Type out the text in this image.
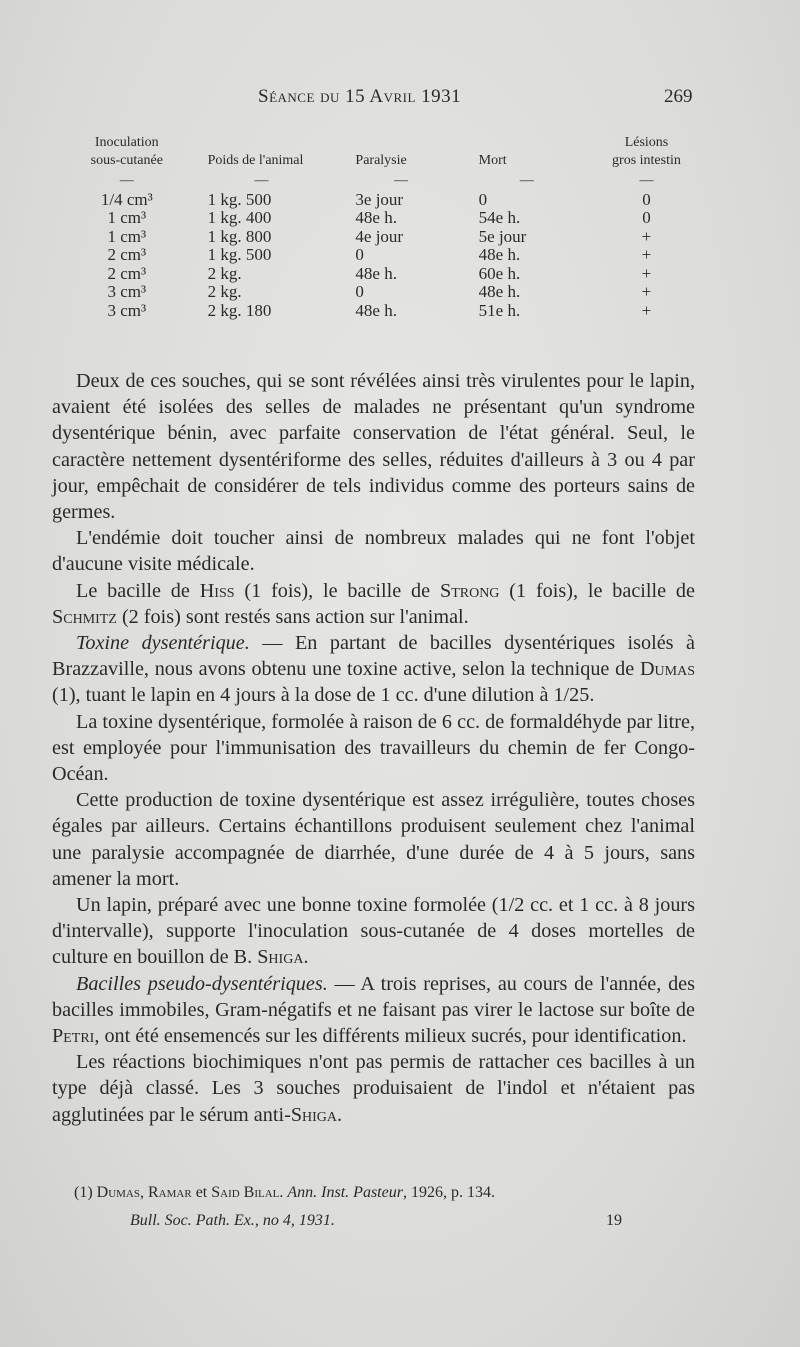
Séance du 15 Avril 1931	269
Inoculation
sous-cutanée	Poids de l'animal	Paralysie	Mort	Lésions
gros intestin
—	—	—	—	—
1/4 cm³	1 kg. 500	3e jour	0	0
1 cm³	1 kg. 400	48e h.	54e h.	0
1 cm³	1 kg. 800	4e jour	5e jour	+
2 cm³	1 kg. 500	0	48e h.	+
2 cm³	2 kg.	48e h.	60e h.	+
3 cm³	2 kg.	0	48e h.	+
3 cm³	2 kg. 180	48e h.	51e h.	+

Deux de ces souches, qui se sont révélées ainsi très virulentes pour le lapin, avaient été isolées des selles de malades ne présentant qu'un syndrome dysentérique bénin, avec parfaite conservation de l'état général. Seul, le caractère nettement dysentériforme des selles, réduites d'ailleurs à 3 ou 4 par jour, empêchait de considérer de tels individus comme des porteurs sains de germes.

L'endémie doit toucher ainsi de nombreux malades qui ne font l'objet d'aucune visite médicale.

Le bacille de Hiss (1 fois), le bacille de Strong (1 fois), le bacille de Schmitz (2 fois) sont restés sans action sur l'animal.

Toxine dysentérique. — En partant de bacilles dysentériques isolés à Brazzaville, nous avons obtenu une toxine active, selon la technique de Dumas (1), tuant le lapin en 4 jours à la dose de 1 cc. d'une dilution à 1/25.

La toxine dysentérique, formolée à raison de 6 cc. de formaldéhyde par litre, est employée pour l'immunisation des travailleurs du chemin de fer Congo-Océan.

Cette production de toxine dysentérique est assez irrégulière, toutes choses égales par ailleurs. Certains échantillons produisent seulement chez l'animal une paralysie accompagnée de diarrhée, d'une durée de 4 à 5 jours, sans amener la mort.

Un lapin, préparé avec une bonne toxine formolée (1/2 cc. et 1 cc. à 8 jours d'intervalle), supporte l'inoculation sous-cutanée de 4 doses mortelles de culture en bouillon de B. Shiga.

Bacilles pseudo-dysentériques. — A trois reprises, au cours de l'année, des bacilles immobiles, Gram-négatifs et ne faisant pas virer le lactose sur boîte de Petri, ont été ensemencés sur les différents milieux sucrés, pour identification.

Les réactions biochimiques n'ont pas permis de rattacher ces bacilles à un type déjà classé. Les 3 souches produisaient de l'indol et n'étaient pas agglutinées par le sérum anti-Shiga.

(1) Dumas, Ramar et Said Bilal. Ann. Inst. Pasteur, 1926, p. 134.
Bull. Soc. Path. Ex., no 4, 1931.	19
